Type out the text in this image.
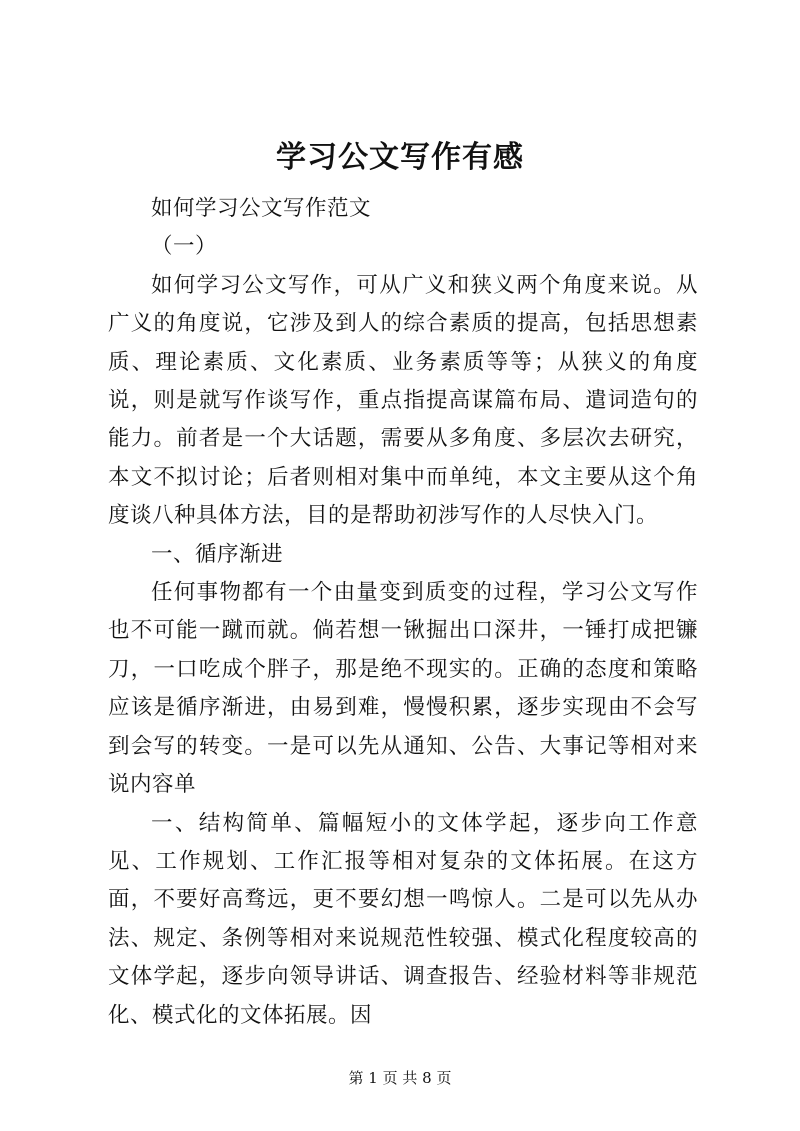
学习公文写作有感

如何学习公文写作范文

（一）

如何学习公文写作，可从广义和狭义两个角度来说。从广义的角度说，它涉及到人的综合素质的提高，包括思想素质、理论素质、文化素质、业务素质等等；从狭义的角度说，则是就写作谈写作，重点指提高谋篇布局、遣词造句的能力。前者是一个大话题，需要从多角度、多层次去研究，本文不拟讨论；后者则相对集中而单纯，本文主要从这个角度谈八种具体方法，目的是帮助初涉写作的人尽快入门。

一、循序渐进

任何事物都有一个由量变到质变的过程，学习公文写作也不可能一蹴而就。倘若想一锹掘出口深井，一锤打成把镰刀，一口吃成个胖子，那是绝不现实的。正确的态度和策略应该是循序渐进，由易到难，慢慢积累，逐步实现由不会写到会写的转变。一是可以先从通知、公告、大事记等相对来说内容单

一、结构简单、篇幅短小的文体学起，逐步向工作意见、工作规划、工作汇报等相对复杂的文体拓展。在这方面，不要好高骛远，更不要幻想一鸣惊人。二是可以先从办法、规定、条例等相对来说规范性较强、模式化程度较高的文体学起，逐步向领导讲话、调查报告、经验材料等非规范化、模式化的文体拓展。因

第 1 页 共 8 页
